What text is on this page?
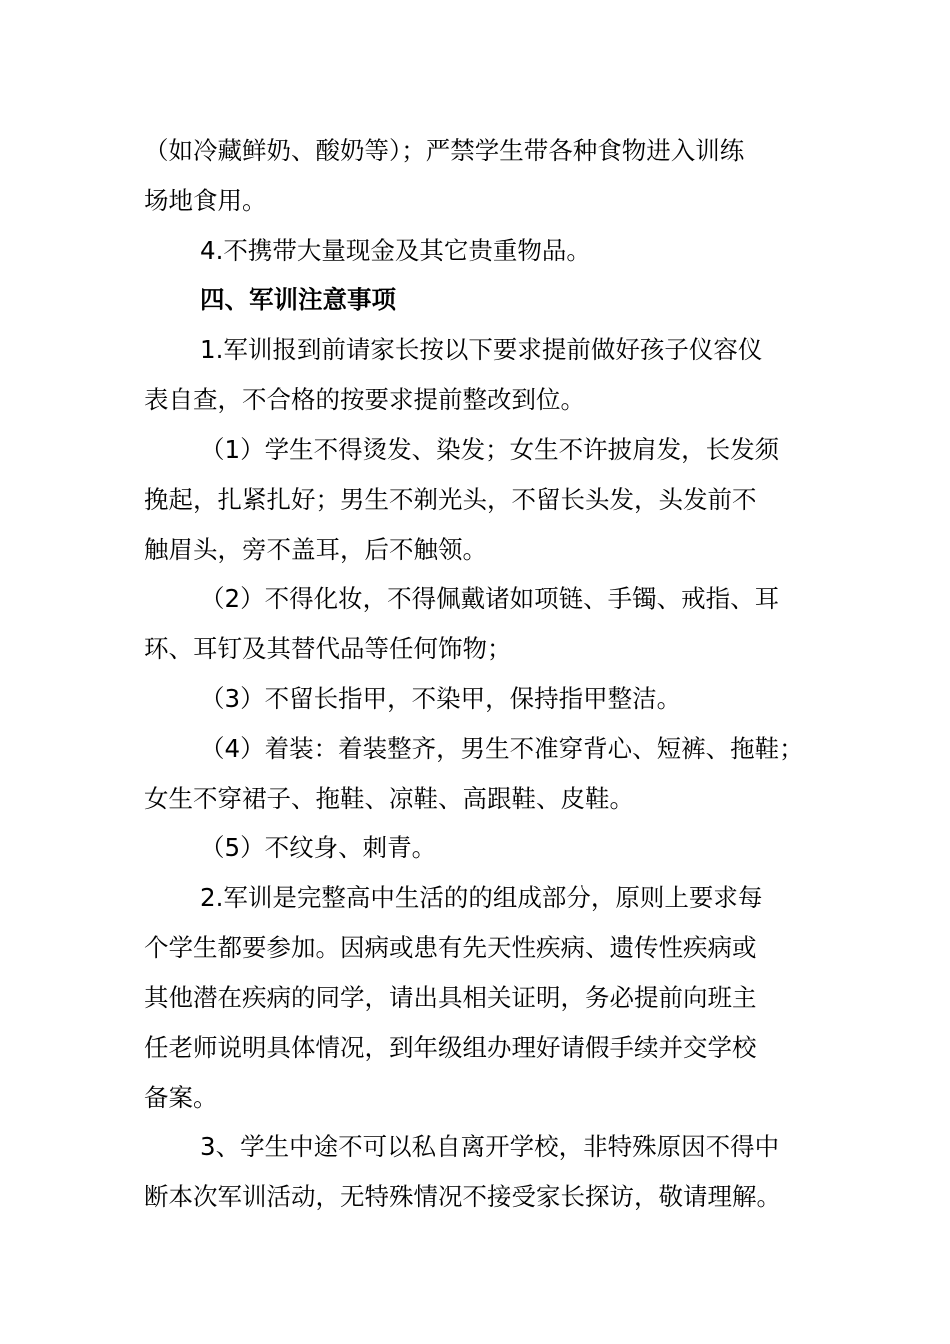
（如冷藏鲜奶、酸奶等）；严禁学生带各种食物进入训练
场地食用。
4.不携带大量现金及其它贵重物品。
四、军训注意事项
1.军训报到前请家长按以下要求提前做好孩子仪容仪
表自查，不合格的按要求提前整改到位。
（1）学生不得烫发、染发；女生不许披肩发，长发须
挽起，扎紧扎好；男生不剃光头，不留长头发，头发前不
触眉头，旁不盖耳，后不触领。
（2）不得化妆，不得佩戴诸如项链、手镯、戒指、耳
环、耳钉及其替代品等任何饰物；
（3）不留长指甲，不染甲，保持指甲整洁。
（4）着装：着装整齐，男生不准穿背心、短裤、拖鞋；
女生不穿裙子、拖鞋、凉鞋、高跟鞋、皮鞋。
（5）不纹身、刺青。
2.军训是完整高中生活的的组成部分，原则上要求每
个学生都要参加。因病或患有先天性疾病、遗传性疾病或
其他潜在疾病的同学，请出具相关证明，务必提前向班主
任老师说明具体情况，到年级组办理好请假手续并交学校
备案。
3、学生中途不可以私自离开学校，非特殊原因不得中
断本次军训活动，无特殊情况不接受家长探访，敬请理解。
